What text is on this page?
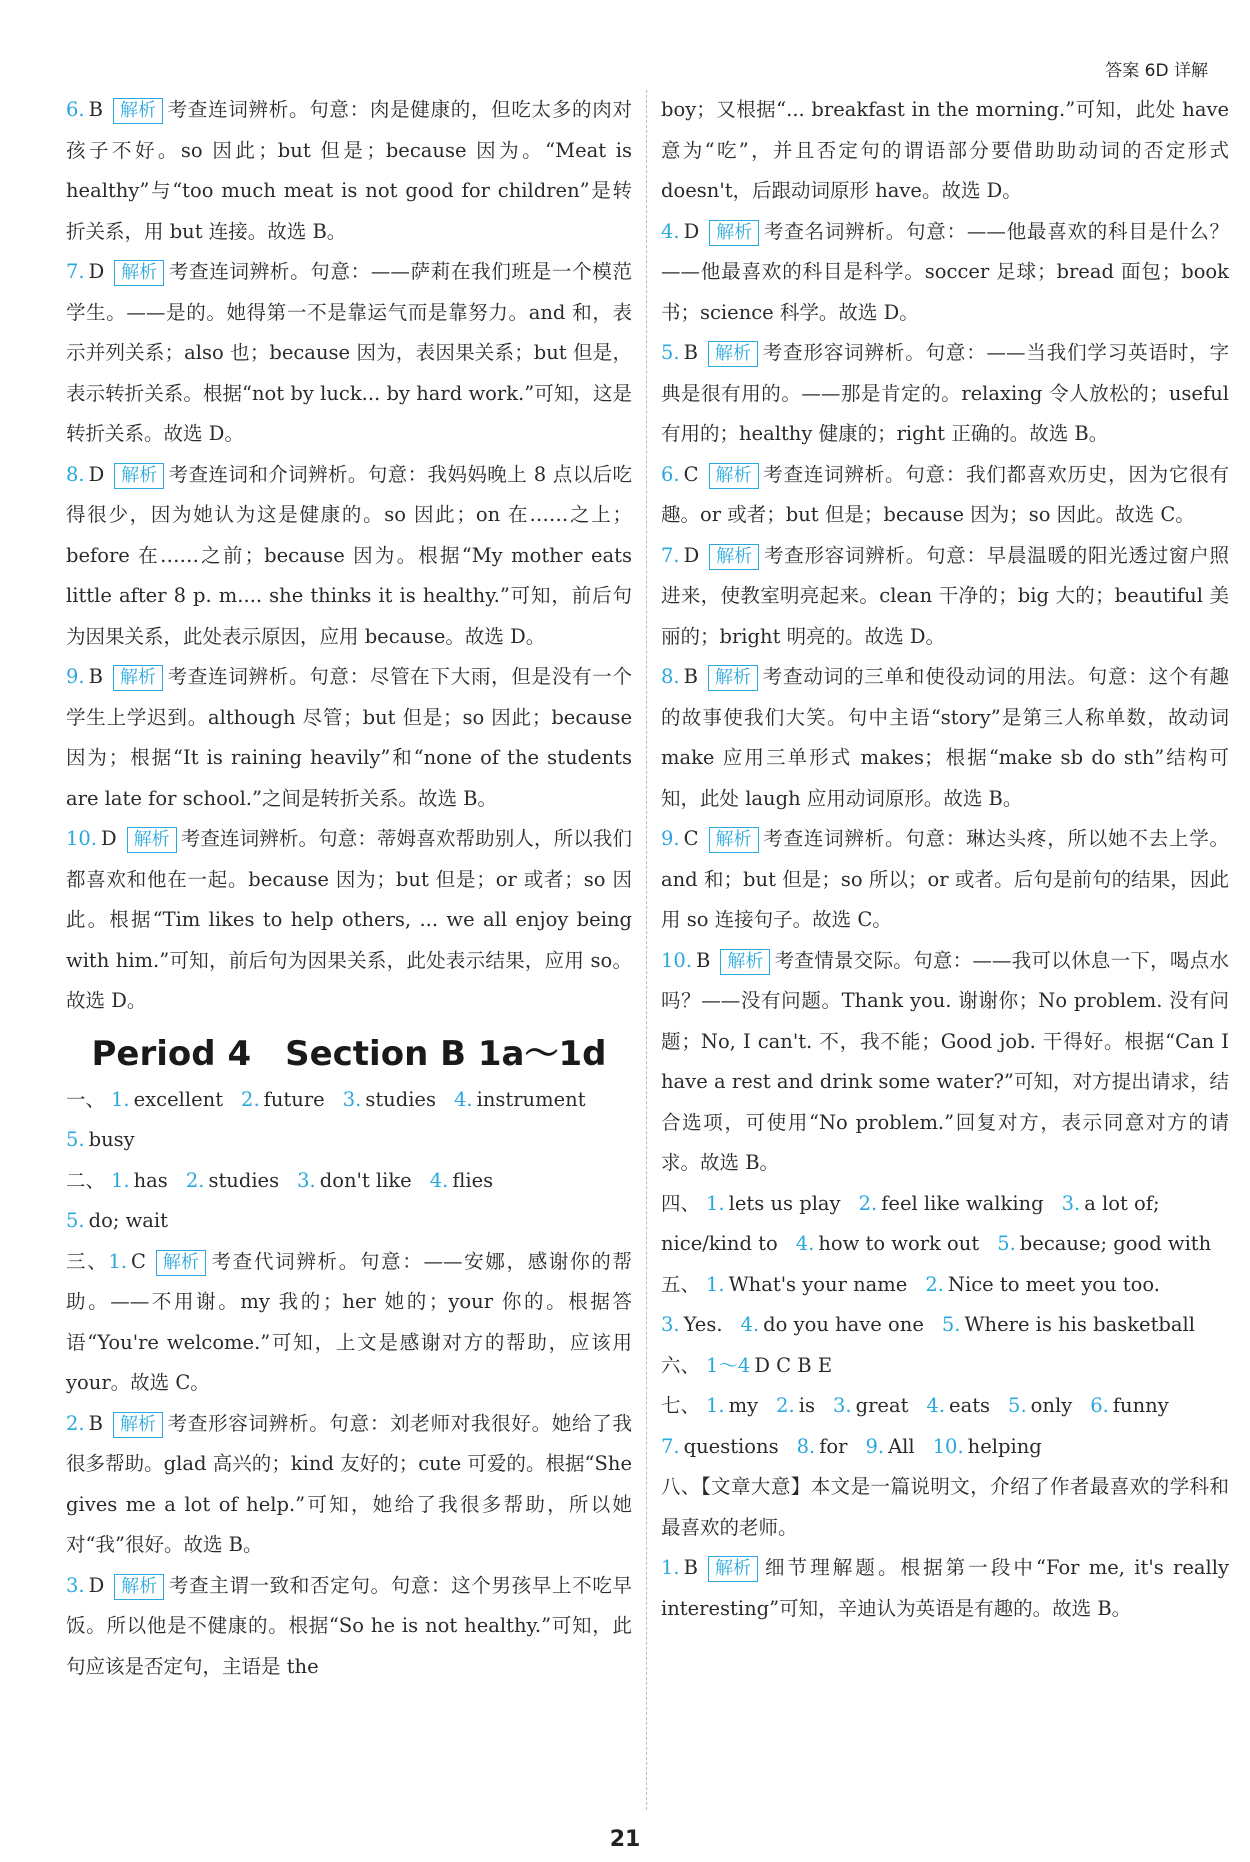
答案 6D 详解

6. B 解析 考查连词辨析。句意：肉是健康的，但吃太多的肉对孩子不好。so 因此；but 但是；because 因为。“Meat is healthy”与“too much meat is not good for children”是转折关系，用 but 连接。故选 B。

7. D 解析 考查连词辨析。句意：——萨莉在我们班是一个模范学生。——是的。她得第一不是靠运气而是靠努力。and 和，表示并列关系；also 也；because 因为，表因果关系；but 但是，表示转折关系。根据“not by luck... by hard work.”可知，这是转折关系。故选 D。

8. D 解析 考查连词和介词辨析。句意：我妈妈晚上 8 点以后吃得很少，因为她认为这是健康的。so 因此；on 在……之上；before 在……之前；because 因为。根据“My mother eats little after 8 p. m.... she thinks it is healthy.”可知，前后句为因果关系，此处表示原因，应用 because。故选 D。

9. B 解析 考查连词辨析。句意：尽管在下大雨，但是没有一个学生上学迟到。although 尽管；but 但是；so 因此；because 因为；根据“It is raining heavily”和“none of the students are late for school.”之间是转折关系。故选 B。

10. D 解析 考查连词辨析。句意：蒂姆喜欢帮助别人，所以我们都喜欢和他在一起。because 因为；but 但是；or 或者；so 因此。根据“Tim likes to help others, ... we all enjoy being with him.”可知，前后句为因果关系，此处表示结果，应用 so。故选 D。

Period 4　Section B 1a～1d
一、 1. excellent 2. future 3. studies 4. instrument
5. busy
二、 1. has 2. studies 3. don't like 4. flies
5. do; wait

三、1. C 解析 考查代词辨析。句意：——安娜，感谢你的帮助。——不用谢。my 我的；her 她的；your 你的。根据答语“You're welcome.”可知，上文是感谢对方的帮助，应该用 your。故选 C。

2. B 解析 考查形容词辨析。句意：刘老师对我很好。她给了我很多帮助。glad 高兴的；kind 友好的；cute 可爱的。根据“She gives me a lot of help.”可知，她给了我很多帮助，所以她对“我”很好。故选 B。

3. D 解析 考查主谓一致和否定句。句意：这个男孩早上不吃早饭。所以他是不健康的。根据“So he is not healthy.”可知，此句应该是否定句，主语是 the

boy；又根据“... breakfast in the morning.”可知，此处 have 意为“吃”，并且否定句的谓语部分要借助助动词的否定形式 doesn't，后跟动词原形 have。故选 D。

4. D 解析 考查名词辨析。句意：——他最喜欢的科目是什么？——他最喜欢的科目是科学。soccer 足球；bread 面包；book 书；science 科学。故选 D。

5. B 解析 考查形容词辨析。句意：——当我们学习英语时，字典是很有用的。——那是肯定的。relaxing 令人放松的；useful 有用的；healthy 健康的；right 正确的。故选 B。

6. C 解析 考查连词辨析。句意：我们都喜欢历史，因为它很有趣。or 或者；but 但是；because 因为；so 因此。故选 C。

7. D 解析 考查形容词辨析。句意：早晨温暖的阳光透过窗户照进来，使教室明亮起来。clean 干净的；big 大的；beautiful 美丽的；bright 明亮的。故选 D。

8. B 解析 考查动词的三单和使役动词的用法。句意：这个有趣的故事使我们大笑。句中主语“story”是第三人称单数，故动词 make 应用三单形式 makes；根据“make sb do sth”结构可知，此处 laugh 应用动词原形。故选 B。

9. C 解析 考查连词辨析。句意：琳达头疼，所以她不去上学。and 和；but 但是；so 所以；or 或者。后句是前句的结果，因此用 so 连接句子。故选 C。

10. B 解析 考查情景交际。句意：——我可以休息一下，喝点水吗？——没有问题。Thank you. 谢谢你；No problem. 没有问题；No, I can't. 不，我不能；Good job. 干得好。根据“Can I have a rest and drink some water?”可知，对方提出请求，结合选项，可使用“No problem.”回复对方，表示同意对方的请求。故选 B。

四、 1. lets us play 2. feel like walking 3. a lot of;
nice/kind to 4. how to work out 5. because; good with
五、 1. What's your name 2. Nice to meet you too.
3. Yes. 4. do you have one 5. Where is his basketball
六、 1～4 D C B E
七、 1. my 2. is 3. great 4. eats 5. only 6. funny
7. questions 8. for 9. All 10. helping

八、【文章大意】本文是一篇说明文，介绍了作者最喜欢的学科和最喜欢的老师。

1. B 解析 细节理解题。根据第一段中“For me, it's really interesting”可知，辛迪认为英语是有趣的。故选 B。

21
